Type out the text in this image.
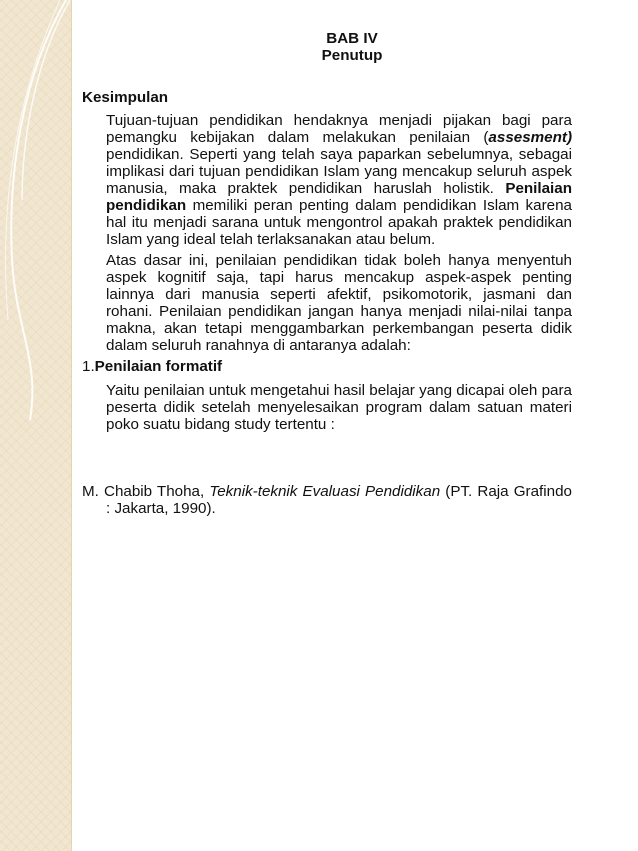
BAB IV
Penutup
Kesimpulan
Tujuan-tujuan pendidikan hendaknya menjadi pijakan bagi para pemangku kebijakan dalam melakukan penilaian (assesment) pendidikan. Seperti yang telah saya paparkan sebelumnya, sebagai implikasi dari tujuan pendidikan Islam yang mencakup seluruh aspek manusia, maka praktek pendidikan haruslah holistik. Penilaian pendidikan memiliki peran penting dalam pendidikan Islam karena hal itu menjadi sarana untuk mengontrol apakah praktek pendidikan Islam yang ideal telah terlaksanakan atau belum.
Atas dasar ini, penilaian pendidikan tidak boleh hanya menyentuh aspek kognitif saja, tapi harus mencakup aspek-aspek penting lainnya dari manusia seperti afektif, psikomotorik, jasmani dan rohani. Penilaian pendidikan jangan hanya menjadi nilai-nilai tanpa makna, akan tetapi menggambarkan perkembangan peserta didik dalam seluruh ranahnya di antaranya adalah:
1.Penilaian formatif
Yaitu penilaian untuk mengetahui hasil belajar yang dicapai oleh para peserta didik setelah menyelesaikan program dalam satuan materi poko suatu bidang study tertentu :
M. Chabib Thoha, Teknik-teknik Evaluasi Pendidikan (PT. Raja Grafindo : Jakarta, 1990).
